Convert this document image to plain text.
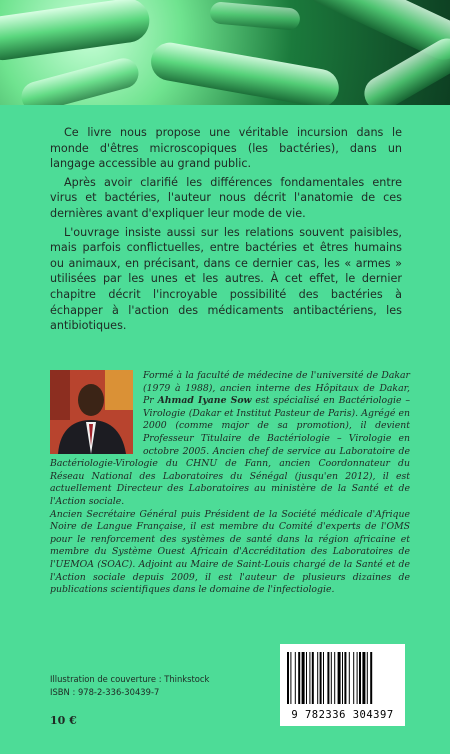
Ce livre nous propose une véritable incursion dans le monde d'êtres microscopiques (les bactéries), dans un langage accessible au grand public.

Après avoir clarifié les différences fondamentales entre virus et bactéries, l'auteur nous décrit l'anatomie de ces dernières avant d'expliquer leur mode de vie.

L'ouvrage insiste aussi sur les relations souvent paisibles, mais parfois conflictuelles, entre bactéries et êtres humains ou animaux, en précisant, dans ce dernier cas, les « armes » utilisées par les unes et les autres. À cet effet, le dernier chapitre décrit l'incroyable possibilité des bactéries à échapper à l'action des médicaments antibactériens, les antibiotiques.

Formé à la faculté de médecine de l'université de Dakar (1979 à 1988), ancien interne des Hôpitaux de Dakar, Pr Ahmad Iyane Sow est spécialisé en Bactériologie – Virologie (Dakar et Institut Pasteur de Paris). Agrégé en 2000 (comme major de sa promotion), il devient Professeur Titulaire de Bactériologie – Virologie en octobre 2005. Ancien chef de service au Laboratoire de Bactériologie-Virologie du CHNU de Fann, ancien Coordonnateur du Réseau National des Laboratoires du Sénégal (jusqu'en 2012), il est actuellement Directeur des Laboratoires au ministère de la Santé et de l'Action sociale.

Ancien Secrétaire Général puis Président de la Société médicale d'Afrique Noire de Langue Française, il est membre du Comité d'experts de l'OMS pour le renforcement des systèmes de santé dans la région africaine et membre du Système Ouest Africain d'Accréditation des Laboratoires de l'UEMOA (SOAC). Adjoint au Maire de Saint-Louis chargé de la Santé et de l'Action sociale depuis 2009, il est l'auteur de plusieurs dizaines de publications scientifiques dans le domaine de l'infectiologie.

Illustration de couverture : Thinkstock
ISBN : 978-2-336-30439-7
10 €	9 782336 304397
